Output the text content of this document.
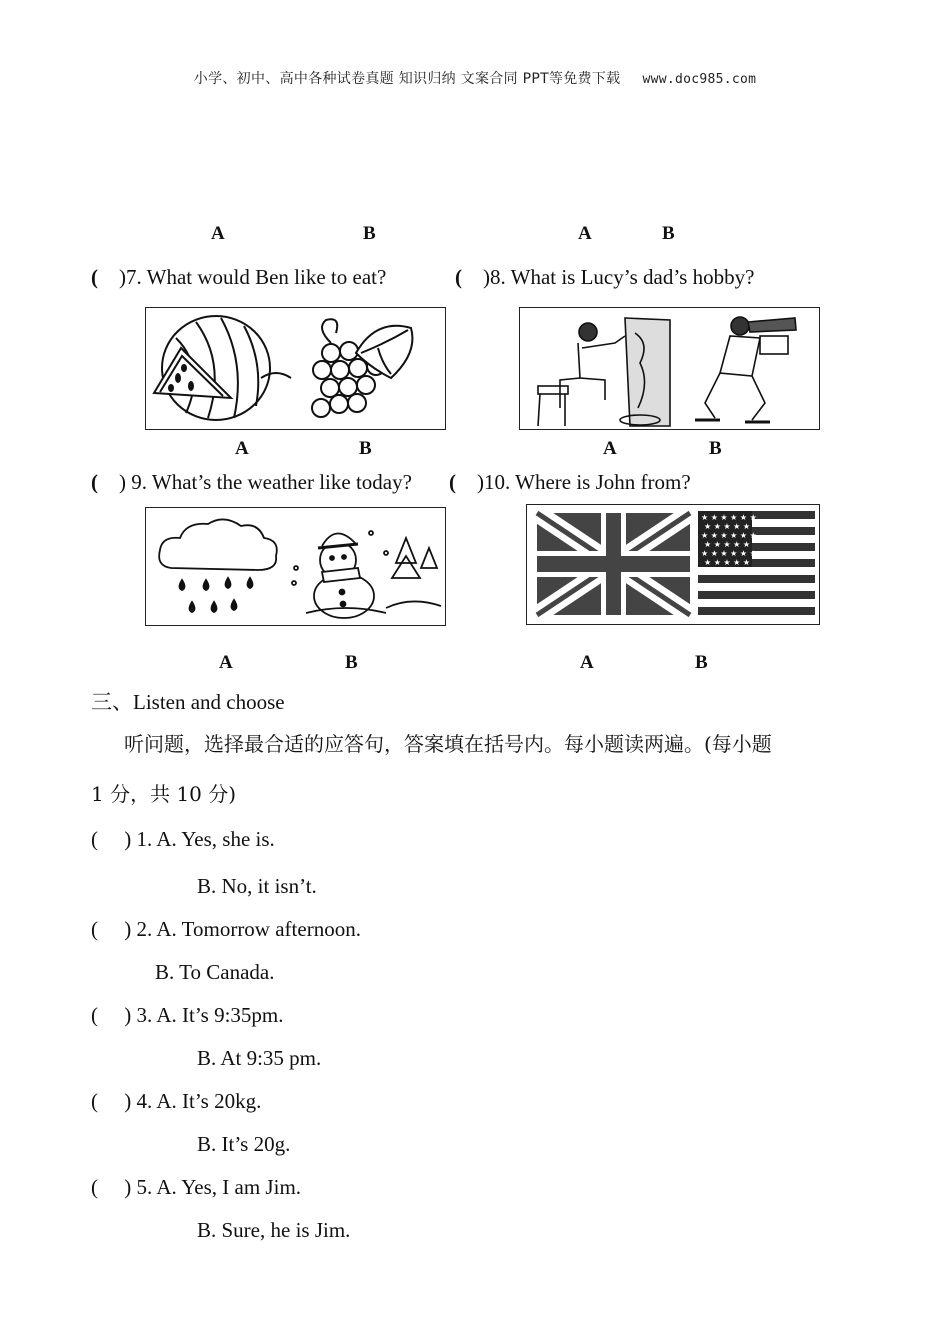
小学、初中、高中各种试卷真题 知识归纳 文案合同 PPT等免费下载 www.doc985.com
A	B	A	B
( )7. What would Ben like to eat?	( )8. What is Lucy’s dad’s hobby?
A	B	A	B
( ) 9. What’s the weather like today? ( )10. Where is John from?
★ ★ ★ ★ ★ ★
★ ★ ★ ★ ★
★ ★ ★ ★ ★ ★
★ ★ ★ ★ ★
★ ★ ★ ★ ★ ★
★ ★ ★ ★ ★
A	B	A	B
三、Listen and choose
听问题，选择最合适的应答句，答案填在括号内。每小题读两遍。(每小题
1 分，共 10 分)
(     ) 1. A. Yes, she is.
B. No, it isn’t.
(     ) 2. A. Tomorrow afternoon.
B. To Canada.
(     ) 3. A. It’s 9:35pm.
B. At 9:35 pm.
(     ) 4. A. It’s 20kg.
B. It’s 20g.
(     ) 5. A. Yes, I am Jim.
B. Sure, he is Jim.
